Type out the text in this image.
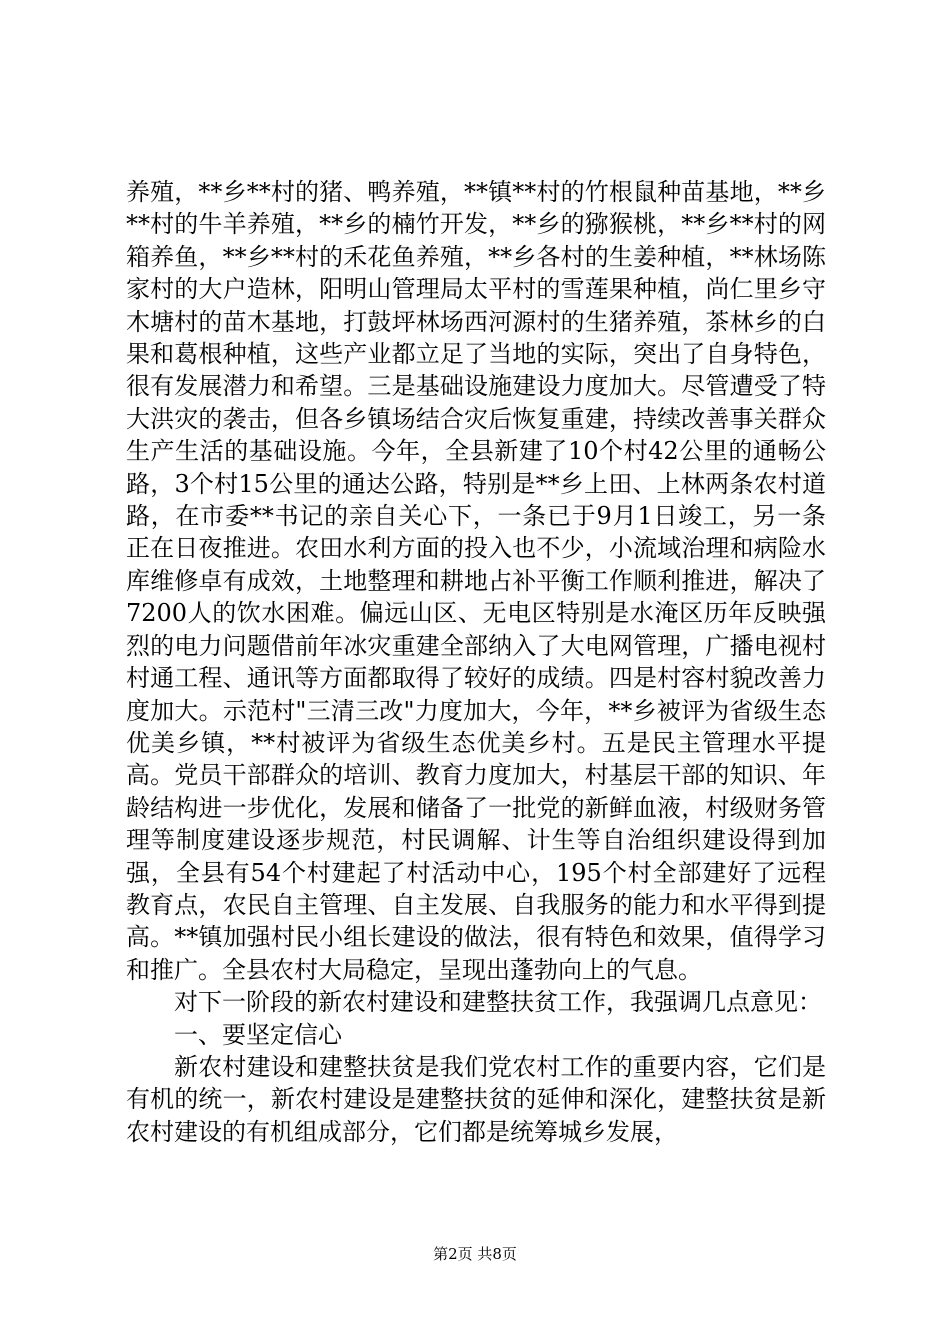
养殖，**乡**村的猪、鸭养殖，**镇**村的竹根鼠种苗基地，**乡**村的牛羊养殖，**乡的楠竹开发，**乡的猕猴桃，**乡**村的网箱养鱼，**乡**村的禾花鱼养殖，**乡各村的生姜种植，**林场陈家村的大户造林，阳明山管理局太平村的雪莲果种植，尚仁里乡守木塘村的苗木基地，打鼓坪林场西河源村的生猪养殖，茶林乡的白果和葛根种植，这些产业都立足了当地的实际，突出了自身特色，很有发展潜力和希望。三是基础设施建设力度加大。尽管遭受了特大洪灾的袭击，但各乡镇场结合灾后恢复重建，持续改善事关群众生产生活的基础设施。今年，全县新建了10个村42公里的通畅公路，3个村15公里的通达公路，特别是**乡上田、上林两条农村道路，在市委**书记的亲自关心下，一条已于9月1日竣工，另一条正在日夜推进。农田水利方面的投入也不少，小流域治理和病险水库维修卓有成效，土地整理和耕地占补平衡工作顺利推进，解决了7200人的饮水困难。偏远山区、无电区特别是水淹区历年反映强烈的电力问题借前年冰灾重建全部纳入了大电网管理，广播电视村村通工程、通讯等方面都取得了较好的成绩。四是村容村貌改善力度加大。示范村"三清三改"力度加大，今年，**乡被评为省级生态优美乡镇，**村被评为省级生态优美乡村。五是民主管理水平提高。党员干部群众的培训、教育力度加大，村基层干部的知识、年龄结构进一步优化，发展和储备了一批党的新鲜血液，村级财务管理等制度建设逐步规范，村民调解、计生等自治组织建设得到加强，全县有54个村建起了村活动中心，195个村全部建好了远程教育点，农民自主管理、自主发展、自我服务的能力和水平得到提高。**镇加强村民小组长建设的做法，很有特色和效果，值得学习和推广。全县农村大局稳定，呈现出蓬勃向上的气息。

对下一阶段的新农村建设和建整扶贫工作，我强调几点意见：

一、要坚定信心

新农村建设和建整扶贫是我们党农村工作的重要内容，它们是有机的统一，新农村建设是建整扶贫的延伸和深化，建整扶贫是新农村建设的有机组成部分，它们都是统筹城乡发展，

第2页 共8页
